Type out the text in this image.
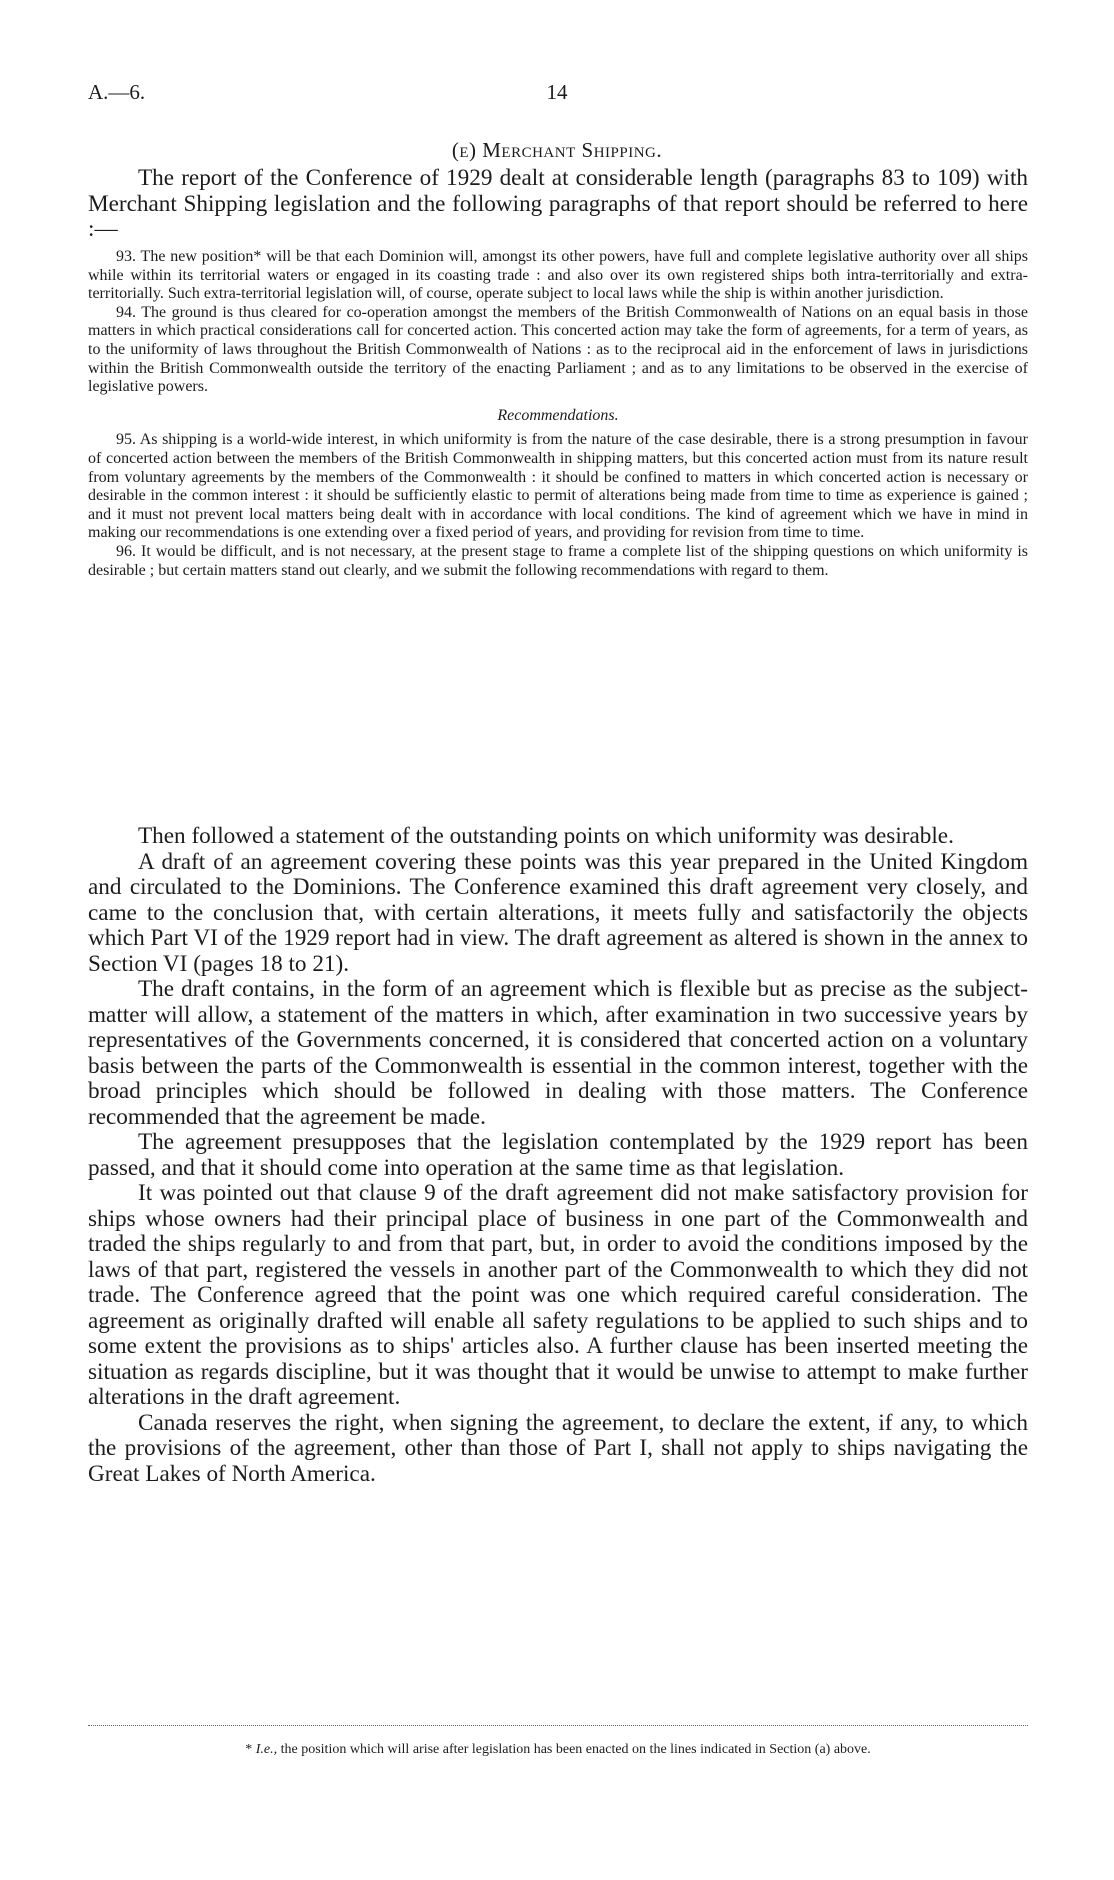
A.—6.	14
(e) Merchant Shipping.

The report of the Conference of 1929 dealt at considerable length (paragraphs 83 to 109) with Merchant Shipping legislation and the following paragraphs of that report should be referred to here :—

93. The new position* will be that each Dominion will, amongst its other powers, have full and complete legislative authority over all ships while within its territorial waters or engaged in its coasting trade : and also over its own registered ships both intra-territorially and extra-territorially. Such extra-territorial legislation will, of course, operate subject to local laws while the ship is within another jurisdiction.

94. The ground is thus cleared for co-operation amongst the members of the British Commonwealth of Nations on an equal basis in those matters in which practical considerations call for concerted action. This concerted action may take the form of agreements, for a term of years, as to the uniformity of laws throughout the British Commonwealth of Nations : as to the reciprocal aid in the enforcement of laws in jurisdictions within the British Commonwealth outside the territory of the enacting Parliament ; and as to any limitations to be observed in the exercise of legislative powers.

Recommendations.

95. As shipping is a world-wide interest, in which uniformity is from the nature of the case desirable, there is a strong presumption in favour of concerted action between the members of the British Commonwealth in shipping matters, but this concerted action must from its nature result from voluntary agreements by the members of the Commonwealth : it should be confined to matters in which concerted action is necessary or desirable in the common interest : it should be sufficiently elastic to permit of alterations being made from time to time as experience is gained ; and it must not prevent local matters being dealt with in accordance with local conditions. The kind of agreement which we have in mind in making our recommendations is one extending over a fixed period of years, and providing for revision from time to time.

96. It would be difficult, and is not necessary, at the present stage to frame a complete list of the shipping questions on which uniformity is desirable ; but certain matters stand out clearly, and we submit the following recommendations with regard to them.

Then followed a statement of the outstanding points on which uniformity was desirable.

A draft of an agreement covering these points was this year prepared in the United Kingdom and circulated to the Dominions. The Conference examined this draft agreement very closely, and came to the conclusion that, with certain alterations, it meets fully and satisfactorily the objects which Part VI of the 1929 report had in view. The draft agreement as altered is shown in the annex to Section VI (pages 18 to 21).

The draft contains, in the form of an agreement which is flexible but as precise as the subject-matter will allow, a statement of the matters in which, after examination in two successive years by representatives of the Governments concerned, it is considered that concerted action on a voluntary basis between the parts of the Commonwealth is essential in the common interest, together with the broad principles which should be followed in dealing with those matters. The Conference recommended that the agreement be made.

The agreement presupposes that the legislation contemplated by the 1929 report has been passed, and that it should come into operation at the same time as that legislation.

It was pointed out that clause 9 of the draft agreement did not make satisfactory provision for ships whose owners had their principal place of business in one part of the Commonwealth and traded the ships regularly to and from that part, but, in order to avoid the conditions imposed by the laws of that part, registered the vessels in another part of the Commonwealth to which they did not trade. The Conference agreed that the point was one which required careful consideration. The agreement as originally drafted will enable all safety regulations to be applied to such ships and to some extent the provisions as to ships' articles also. A further clause has been inserted meeting the situation as regards discipline, but it was thought that it would be unwise to attempt to make further alterations in the draft agreement.

Canada reserves the right, when signing the agreement, to declare the extent, if any, to which the provisions of the agreement, other than those of Part I, shall not apply to ships navigating the Great Lakes of North America.

* I.e., the position which will arise after legislation has been enacted on the lines indicated in Section (a) above.
